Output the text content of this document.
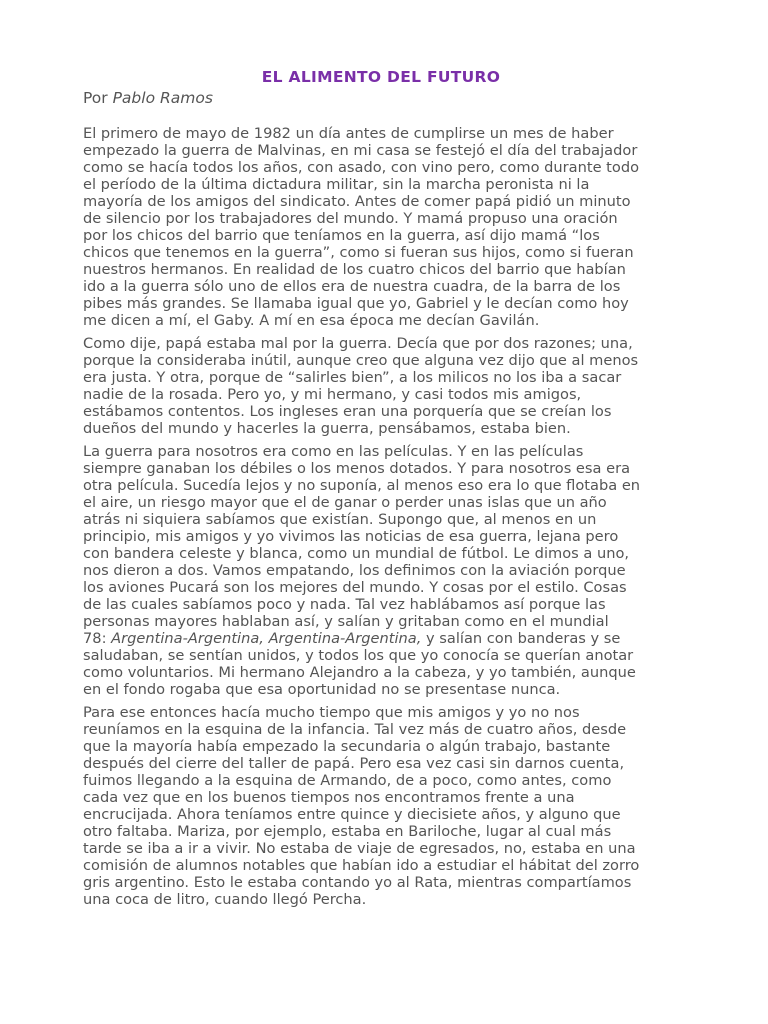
EL ALIMENTO DEL FUTURO
Por Pablo Ramos

El primero de mayo de 1982 un día antes de cumplirse un mes de haber
empezado la guerra de Malvinas, en mi casa se festejó el día del trabajador
como se hacía todos los años, con asado, con vino pero, como durante todo
el período de la última dictadura militar, sin la marcha peronista ni la
mayoría de los amigos del sindicato. Antes de comer papá pidió un minuto
de silencio por los trabajadores del mundo. Y mamá propuso una oración
por los chicos del barrio que teníamos en la guerra, así dijo mamá “los
chicos que tenemos en la guerra”, como si fueran sus hijos, como si fueran
nuestros hermanos. En realidad de los cuatro chicos del barrio que habían
ido a la guerra sólo uno de ellos era de nuestra cuadra, de la barra de los
pibes más grandes. Se llamaba igual que yo, Gabriel y le decían como hoy
me dicen a mí, el Gaby. A mí en esa época me decían Gavilán.

Como dije, papá estaba mal por la guerra. Decía que por dos razones; una,
porque la consideraba inútil, aunque creo que alguna vez dijo que al menos
era justa. Y otra, porque de “salirles bien”, a los milicos no los iba a sacar
nadie de la rosada. Pero yo, y mi hermano, y casi todos mis amigos,
estábamos contentos. Los ingleses eran una porquería que se creían los
dueños del mundo y hacerles la guerra, pensábamos, estaba bien.

La guerra para nosotros era como en las películas. Y en las películas
siempre ganaban los débiles o los menos dotados. Y para nosotros esa era
otra película. Sucedía lejos y no suponía, al menos eso era lo que flotaba en
el aire, un riesgo mayor que el de ganar o perder unas islas que un año
atrás ni siquiera sabíamos que existían. Supongo que, al menos en un
principio, mis amigos y yo vivimos las noticias de esa guerra, lejana pero
con bandera celeste y blanca, como un mundial de fútbol. Le dimos a uno,
nos dieron a dos. Vamos empatando, los definimos con la aviación porque
los aviones Pucará son los mejores del mundo. Y cosas por el estilo. Cosas
de las cuales sabíamos poco y nada. Tal vez hablábamos así porque las
personas mayores hablaban así, y salían y gritaban como en el mundial
78: Argentina-Argentina, Argentina-Argentina, y salían con banderas y se
saludaban, se sentían unidos, y todos los que yo conocía se querían anotar
como voluntarios. Mi hermano Alejandro a la cabeza, y yo también, aunque
en el fondo rogaba que esa oportunidad no se presentase nunca.

Para ese entonces hacía mucho tiempo que mis amigos y yo no nos
reuníamos en la esquina de la infancia. Tal vez más de cuatro años, desde
que la mayoría había empezado la secundaria o algún trabajo, bastante
después del cierre del taller de papá. Pero esa vez casi sin darnos cuenta,
fuimos llegando a la esquina de Armando, de a poco, como antes, como
cada vez que en los buenos tiempos nos encontramos frente a una
encrucijada. Ahora teníamos entre quince y diecisiete años, y alguno que
otro faltaba. Mariza, por ejemplo, estaba en Bariloche, lugar al cual más
tarde se iba a ir a vivir. No estaba de viaje de egresados, no, estaba en una
comisión de alumnos notables que habían ido a estudiar el hábitat del zorro
gris argentino. Esto le estaba contando yo al Rata, mientras compartíamos
una coca de litro, cuando llegó Percha.
